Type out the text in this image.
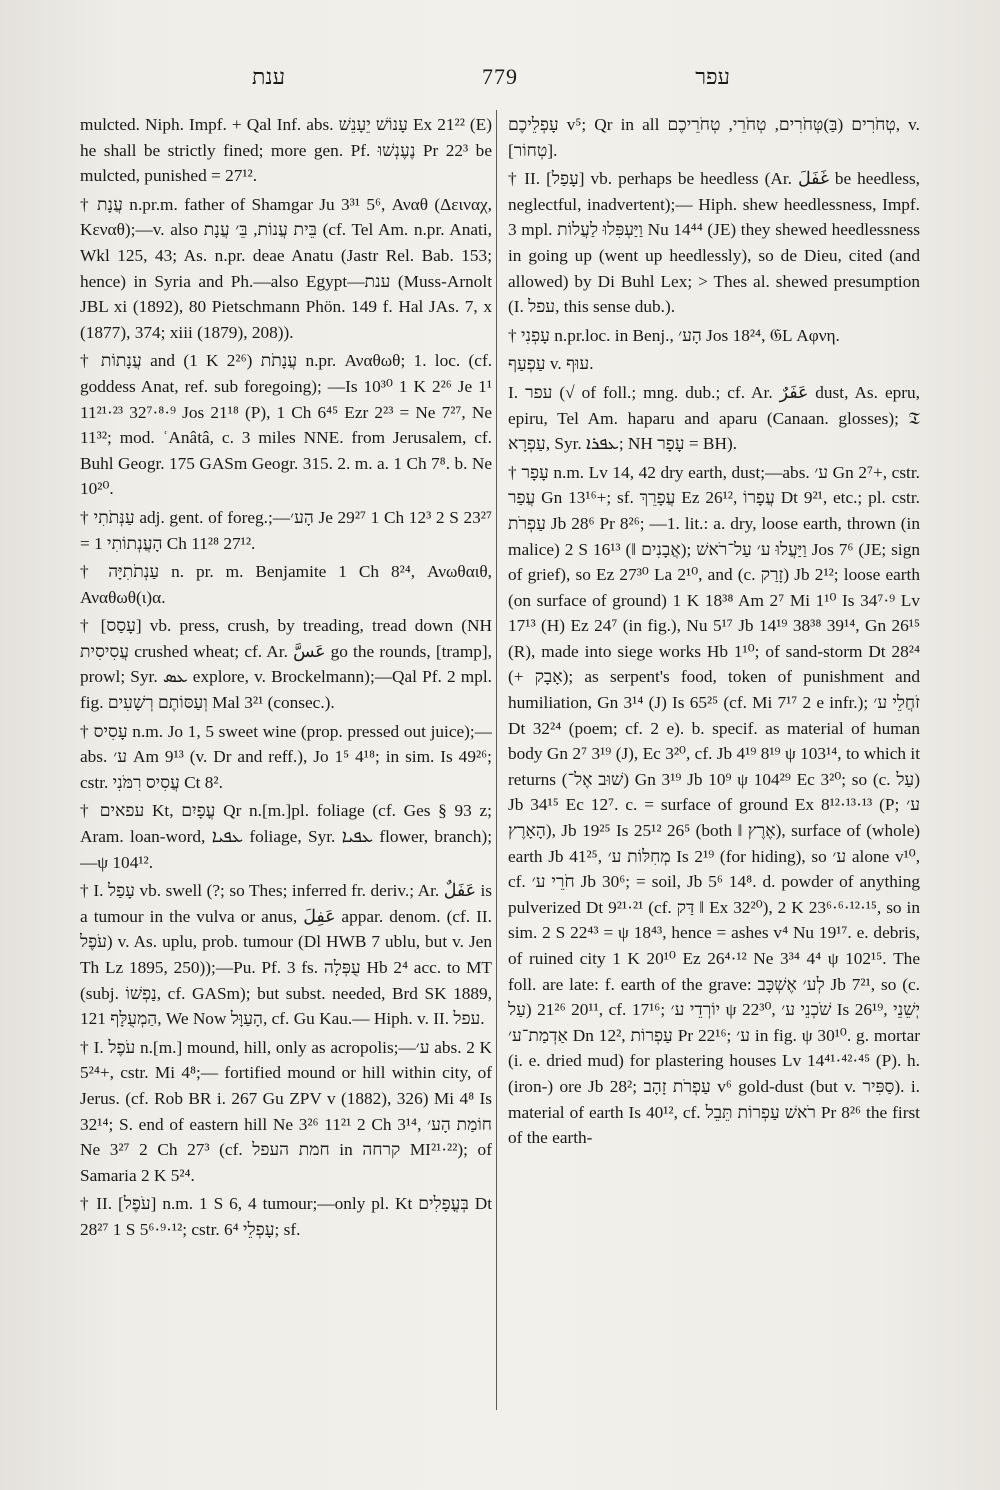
ענת	779	עפר

mulcted. Niph. Impf. + Qal Inf. abs. עָנוֹשׁ יֵעָנֵשׁ Ex 21²² (E) he shall be strictly fined; more gen. Pf. נֶעֶנְשׁוּ Pr 22³ be mulcted, punished = 27¹².

† עֲנָת n.pr.m. father of Shamgar Ju 3³¹ 5⁶, Αναθ (Δειναχ, Κεναθ);—v. also בֵּית עֲנוֹת, בֵּ׳ עֲנָת (cf. Tel Am. n.pr. Anati, Wkl 125, 43; As. n.pr. deae Anatu (Jastr Rel. Bab. 153; hence) in Syria and Ph.—also Egypt—ענת (Muss-Arnolt JBL xi (1892), 80 Pietschmann Phön. 149 f. Hal JAs. 7, x (1877), 374; xiii (1879), 208)).

† עֲנָתוֹת and (1 K 2²⁶) עֲנָתֹת n.pr. Αναθωθ; 1. loc. (cf. goddess Anat, ref. sub foregoing); —Is 10³⁰ 1 K 2²⁶ Je 1¹ 11²¹·²³ 32⁷·⁸·⁹ Jos 21¹⁸ (P), 1 Ch 6⁴⁵ Ezr 2²³ = Ne 7²⁷, Ne 11³²; mod. ʿAnâtâ, c. 3 miles NNE. from Jerusalem, cf. Buhl Geogr. 175 GASm Geogr. 315. 2. m. a. 1 Ch 7⁸. b. Ne 10²⁰.

† עַנְּתֹתִי adj. gent. of foreg.;—הָע׳ Je 29²⁷ 1 Ch 12³ 2 S 23²⁷ = הָעֲנְתוֹתִי 1 Ch 11²⁸ 27¹².

† עַנְתֹתִיָּה n. pr. m. Benjamite 1 Ch 8²⁴, Ανωθαιθ, Αναθωθ(ι)α.

† [עָסַס] vb. press, crush, by treading, tread down (NH עֲסִיסִית crushed wheat; cf. Ar. عَسَّ go the rounds, [tramp], prowl; Syr. ܥܣ explore, v. Brockelmann);—Qal Pf. 2 mpl. fig. וְעַסּוֹתֶם רְשָׁעִים Mal 3²¹ (consec.).

† עָסִיס n.m. Jo 1, 5 sweet wine (prop. pressed out juice);—abs. ע׳ Am 9¹³ (v. Dr and reff.), Jo 1⁵ 4¹⁸; in sim. Is 49²⁶; cstr. עֲסִיס רִמֹּנִי Ct 8².

† עפאים Kt, עֳפָיִם Qr n.[m.]pl. foliage (cf. Ges § 93 z; Aram. loan-word, ܥܦܝܐ foliage, Syr. ܥܦܝܐ flower, branch);—ψ 104¹².

† I. עָפַל vb. swell (?; so Thes; inferred fr. deriv.; Ar. عَفَلٌ is a tumour in the vulva or anus, عَفِلَ appar. denom. (cf. II. עֹפֶל) v. As. uplu, prob. tumour (Dl HWB 7 ublu, but v. Jen Th Lz 1895, 250));—Pu. Pf. 3 fs. עֻפְּלָה Hb 2⁴ acc. to MT (subj. נַפְשׁוֹ, cf. GASm); but subst. needed, Brd SK 1889, 121 הַמְעֻלָּף, We Now הָעַוָּל, cf. Gu Kau.— Hiph. v. II. עפל.

† I. עֹפֶל n.[m.] mound, hill, only as acropolis;—ע׳ abs. 2 K 5²⁴+, cstr. Mi 4⁸;— fortified mound or hill within city, of Jerus. (cf. Rob BR i. 267 Gu ZPV v (1882), 326) Mi 4⁸ Is 32¹⁴; S. end of eastern hill Ne 3²⁶ 11²¹ 2 Ch 3¹⁴, חוֹמַת הָע׳ Ne 3²⁷ 2 Ch 27³ (cf. חמת העפל in קרחה MI²¹·²²); of Samaria 2 K 5²⁴.

† II. [עֹפֶל] n.m. 1 S 6, 4 tumour;—only pl. Kt בְּעֳפָלִים Dt 28²⁷ 1 S 5⁶·⁹·¹²; cstr. עָפְלֵי 6⁴; sf.

עָפְלֵיכֶם v⁵; Qr in all טְחֹרִים (בַּ)טְּחֹרִים, טְחֹרֵי, טְחֹרֵיכֶם, v. [טְחוֹר].

† II. [עָפַל] vb. perhaps be heedless (Ar. غَفَلَ be heedless, neglectful, inadvertent);— Hiph. shew heedlessness, Impf. 3 mpl. וַיַּעְפִּלוּ לַעֲלוֹת Nu 14⁴⁴ (JE) they shewed heedlessness in going up (went up heedlessly), so de Dieu, cited (and allowed) by Di Buhl Lex; > Thes al. shewed presumption (I. עפל, this sense dub.).

† עָפְנִי n.pr.loc. in Benj., הָע׳ Jos 18²⁴, 𝔊L Αφνη.

עַפְעַף v. עוּף.

I. עפר (√ of foll.; mng. dub.; cf. Ar. عَفَرٌ dust, As. epru, epiru, Tel Am. haparu and aparu (Canaan. glosses); 𝔗 עַפְרָא, Syr. ܥܦܪܐ; NH עָפָר = BH).

† עָפָר n.m. Lv 14, 42 dry earth, dust;—abs. ע׳ Gn 2⁷+, cstr. עֲפַר Gn 13¹⁶+; sf. עֲפָרֵךְ Ez 26¹², עֲפָרוֹ Dt 9²¹, etc.; pl. cstr. עַפְרֹת Jb 28⁶ Pr 8²⁶; —1. lit.: a. dry, loose earth, thrown (in malice) 2 S 16¹³ (‖ אֲבָנִים); וַיַּעֲלוּ ע׳ עַל־רֹאשׁ Jos 7⁶ (JE; sign of grief), so Ez 27³⁰ La 2¹⁰, and (c. זָרַק) Jb 2¹²; loose earth (on surface of ground) 1 K 18³⁸ Am 2⁷ Mi 1¹⁰ Is 34⁷·⁹ Lv 17¹³ (H) Ez 24⁷ (in fig.), Nu 5¹⁷ Jb 14¹⁹ 38³⁸ 39¹⁴, Gn 26¹⁵ (R), made into siege works Hb 1¹⁰; of sand-storm Dt 28²⁴ (+ אָבָק); as serpent's food, token of punishment and humiliation, Gn 3¹⁴ (J) Is 65²⁵ (cf. Mi 7¹⁷ 2 e infr.); זֹחֲלֵי ע׳ Dt 32²⁴ (poem; cf. 2 e). b. specif. as material of human body Gn 2⁷ 3¹⁹ (J), Ec 3²⁰, cf. Jb 4¹⁹ 8¹⁹ ψ 103¹⁴, to which it returns (שׁוּב אֶל־) Gn 3¹⁹ Jb 10⁹ ψ 104²⁹ Ec 3²⁰; so (c. עַל) Jb 34¹⁵ Ec 12⁷. c. = surface of ground Ex 8¹²·¹³·¹³ (P; ע׳ הָאָרֶץ), Jb 19²⁵ Is 25¹² 26⁵ (both ‖ אֶרֶץ), surface of (whole) earth Jb 41²⁵, מְחִלּוֹת ע׳ Is 2¹⁹ (for hiding), so ע׳ alone v¹⁰, cf. חֹרֵי ע׳ Jb 30⁶; = soil, Jb 5⁶ 14⁸. d. powder of anything pulverized Dt 9²¹·²¹ (cf. דַּק ‖ Ex 32²⁰), 2 K 23⁶·⁶·¹²·¹⁵, so in sim. 2 S 22⁴³ = ψ 18⁴³, hence = ashes v⁴ Nu 19¹⁷. e. debris, of ruined city 1 K 20¹⁰ Ez 26⁴·¹² Ne 3³⁴ 4⁴ ψ 102¹⁵. The foll. are late: f. earth of the grave: לְע׳ אֶשְׁכָּב Jb 7²¹, so (c. עַל) 20¹¹ 21²⁶, cf. 17¹⁶; יוֹרְדֵי ע׳ ψ 22³⁰, שֹׁכְנֵי ע׳ Is 26¹⁹, יְשֵׁנֵי אַדְמַת־ע׳ Dn 12², עַפְרוֹת Pr 22¹⁶; ע׳ in fig. ψ 30¹⁰. g. mortar (i. e. dried mud) for plastering houses Lv 14⁴¹·⁴²·⁴⁵ (P). h. (iron-) ore Jb 28²; עַפְרֹת זָהָב v⁶ gold-dust (but v. סַפִּיר). i. material of earth Is 40¹², cf. רֹאשׁ עַפְרוֹת תֵּבֵל Pr 8²⁶ the first of the earth-
